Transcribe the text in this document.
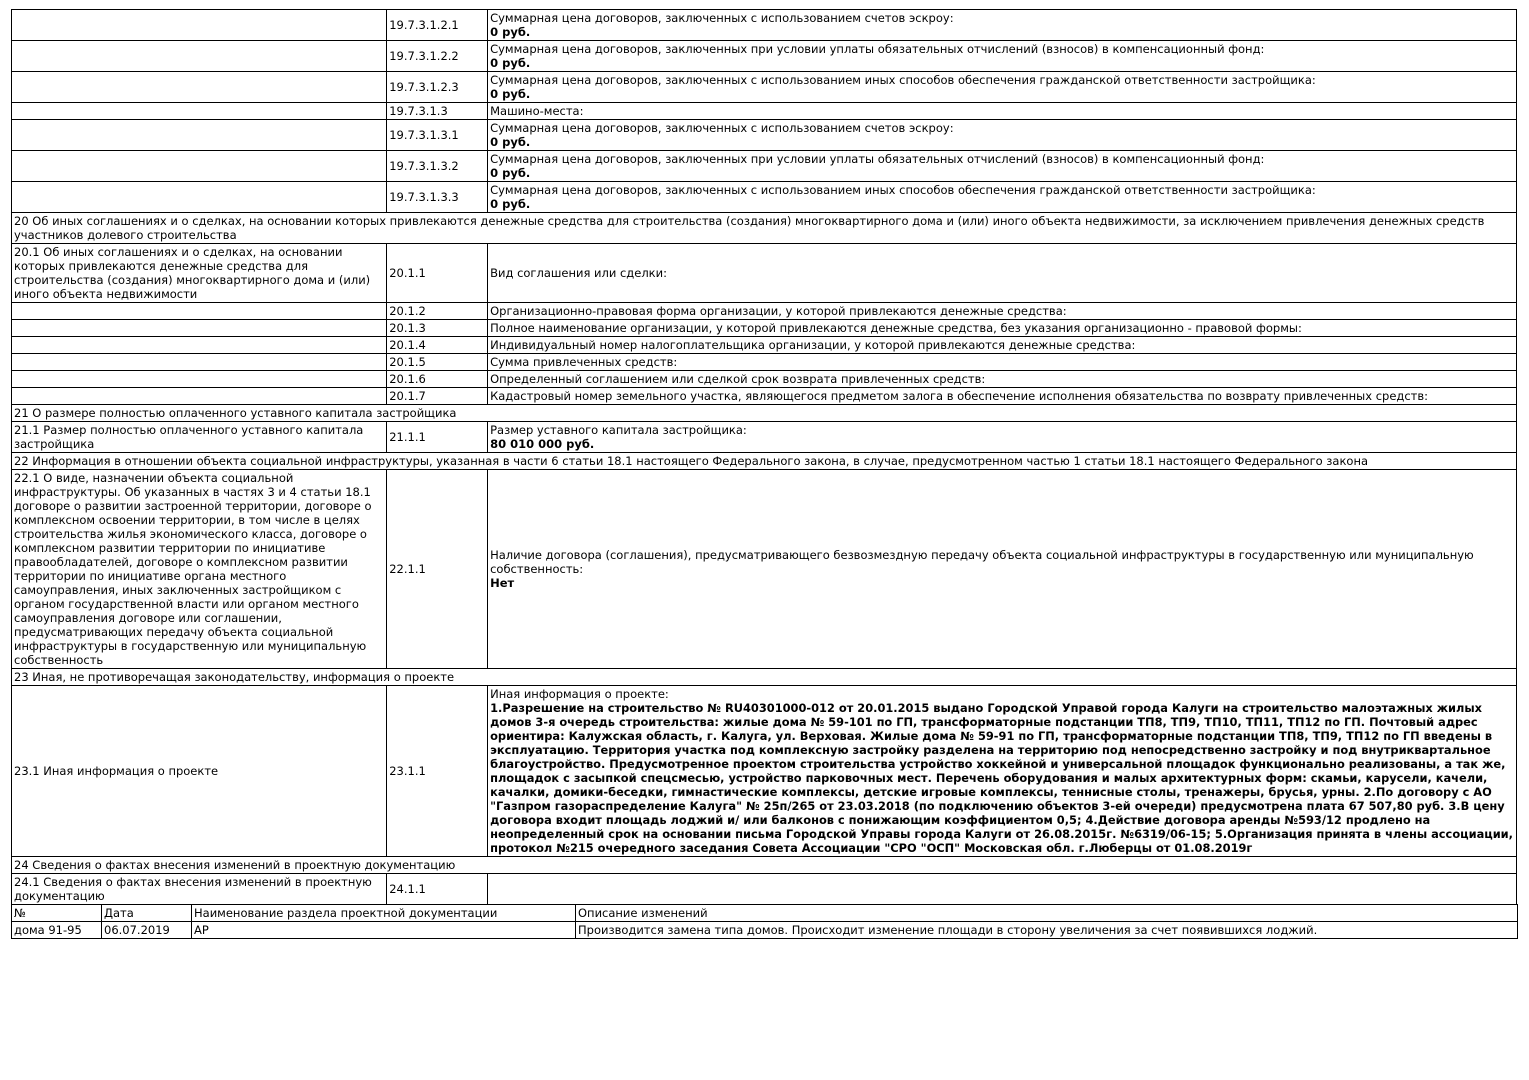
	19.7.3.1.2.1	Суммарная цена договоров, заключенных с использованием счетов эскроу:
0 руб.

	19.7.3.1.2.2	Суммарная цена договоров, заключенных при условии уплаты обязательных отчислений (взносов) в компенсационный фонд:
0 руб.

	19.7.3.1.2.3	Суммарная цена договоров, заключенных с использованием иных способов обеспечения гражданской ответственности застройщика:
0 руб.

	19.7.3.1.3	Машино-места:
	19.7.3.1.3.1	Суммарная цена договоров, заключенных с использованием счетов эскроу:
0 руб.

	19.7.3.1.3.2	Суммарная цена договоров, заключенных при условии уплаты обязательных отчислений (взносов) в компенсационный фонд:
0 руб.

	19.7.3.1.3.3	Суммарная цена договоров, заключенных с использованием иных способов обеспечения гражданской ответственности застройщика:
0 руб.

20 Об иных соглашениях и о сделках, на основании которых привлекаются денежные средства для строительства (создания) многоквартирного дома и (или) иного объекта недвижимости, за исключением привлечения денежных средств участников долевого строительства		
20.1 Об иных соглашениях и о сделках, на основании которых привлекаются денежные средства для строительства (создания) многоквартирного дома и (или) иного объекта недвижимости	20.1.1	Вид соглашения или сделки:
	20.1.2	Организационно-правовая форма организации, у которой привлекаются денежные средства:
	20.1.3	Полное наименование организации, у которой привлекаются денежные средства, без указания организационно - правовой формы:
	20.1.4	Индивидуальный номер налогоплательщика организации, у которой привлекаются денежные средства:
	20.1.5	Сумма привлеченных средств:
	20.1.6	Определенный соглашением или сделкой срок возврата привлеченных средств:
	20.1.7	Кадастровый номер земельного участка, являющегося предметом залога в обеспечение исполнения обязательства по возврату привлеченных средств:
21 О размере полностью оплаченного уставного капитала застройщика		
21.1 Размер полностью оплаченного уставного капитала застройщика	21.1.1	Размер уставного капитала застройщика:
80 010 000 руб.

22 Информация в отношении объекта социальной инфраструктуры, указанная в части 6 статьи 18.1 настоящего Федерального закона, в случае, предусмотренном частью 1 статьи 18.1 настоящего Федерального закона		
22.1 О виде, назначении объекта социальной инфраструктуры. Об указанных в частях 3 и 4 статьи 18.1 договоре о развитии застроенной территории, договоре о комплексном освоении территории, в том числе в целях строительства жилья экономического класса, договоре о комплексном развитии территории по инициативе правообладателей, договоре о комплексном развитии территории по инициативе органа местного самоуправления, иных заключенных застройщиком с органом государственной власти или органом местного самоуправления договоре или соглашении, предусматривающих передачу объекта социальной инфраструктуры в государственную или муниципальную собственность	22.1.1	Наличие договора (соглашения), предусматривающего безвозмездную передачу объекта социальной инфраструктуры в государственную или муниципальную собственность:
Нет

23 Иная, не противоречащая законодательству, информация о проекте		
23.1 Иная информация о проекте	23.1.1	Иная информация о проекте:
1.Разрешение на строительство № RU40301000-012 от 20.01.2015 выдано Городской Управой города Калуги на строительство малоэтажных жилых домов 3-я очередь строительства: жилые дома № 59-101 по ГП, трансформаторные подстанции ТП8, ТП9, ТП10, ТП11, ТП12 по ГП. Почтовый адрес ориентира: Калужская область, г. Калуга, ул. Верховая. Жилые дома № 59-91 по ГП, трансформаторные подстанции ТП8, ТП9, ТП12 по ГП введены в эксплуатацию. Территория участка под комплексную застройку разделена на территорию под непосредственно застройку и под внутриквартальное благоустройство. Предусмотренное проектом строительства устройство хоккейной и универсальной площадок функционально реализованы, а так же, площадок с засыпкой спецсмесью, устройство парковочных мест. Перечень оборудования и малых архитектурных форм: скамьи, карусели, качели, качалки, домики-беседки, гимнастические комплексы, детские игровые комплексы, теннисные столы, тренажеры, брусья, урны. 2.По договору с АО "Газпром газораспределение Калуга" № 25п/265 от 23.03.2018 (по подключению объектов 3-ей очереди) предусмотрена плата 67 507,80 руб. 3.В цену договора входит площадь лоджий и/ или балконов с понижающим коэффициентом 0,5; 4.Действие договора аренды №593/12 продлено на неопределенный срок на основании письма Городской Управы города Калуги от 26.08.2015г. №6319/06-15; 5.Организация принята в члены ассоциации, протокол №215 очередного заседания Совета Ассоциации "СРО "ОСП" Московская обл. г.Люберцы от 01.08.2019г

24 Сведения о фактах внесения изменений в проектную документацию		
24.1 Сведения о фактах внесения изменений в проектную документацию	24.1.1	
№	Дата	Наименование раздела проектной документации	Описание изменений
дома 91-95	06.07.2019	АР	Производится замена типа домов. Происходит изменение площади в сторону увеличения за счет появившихся лоджий.
